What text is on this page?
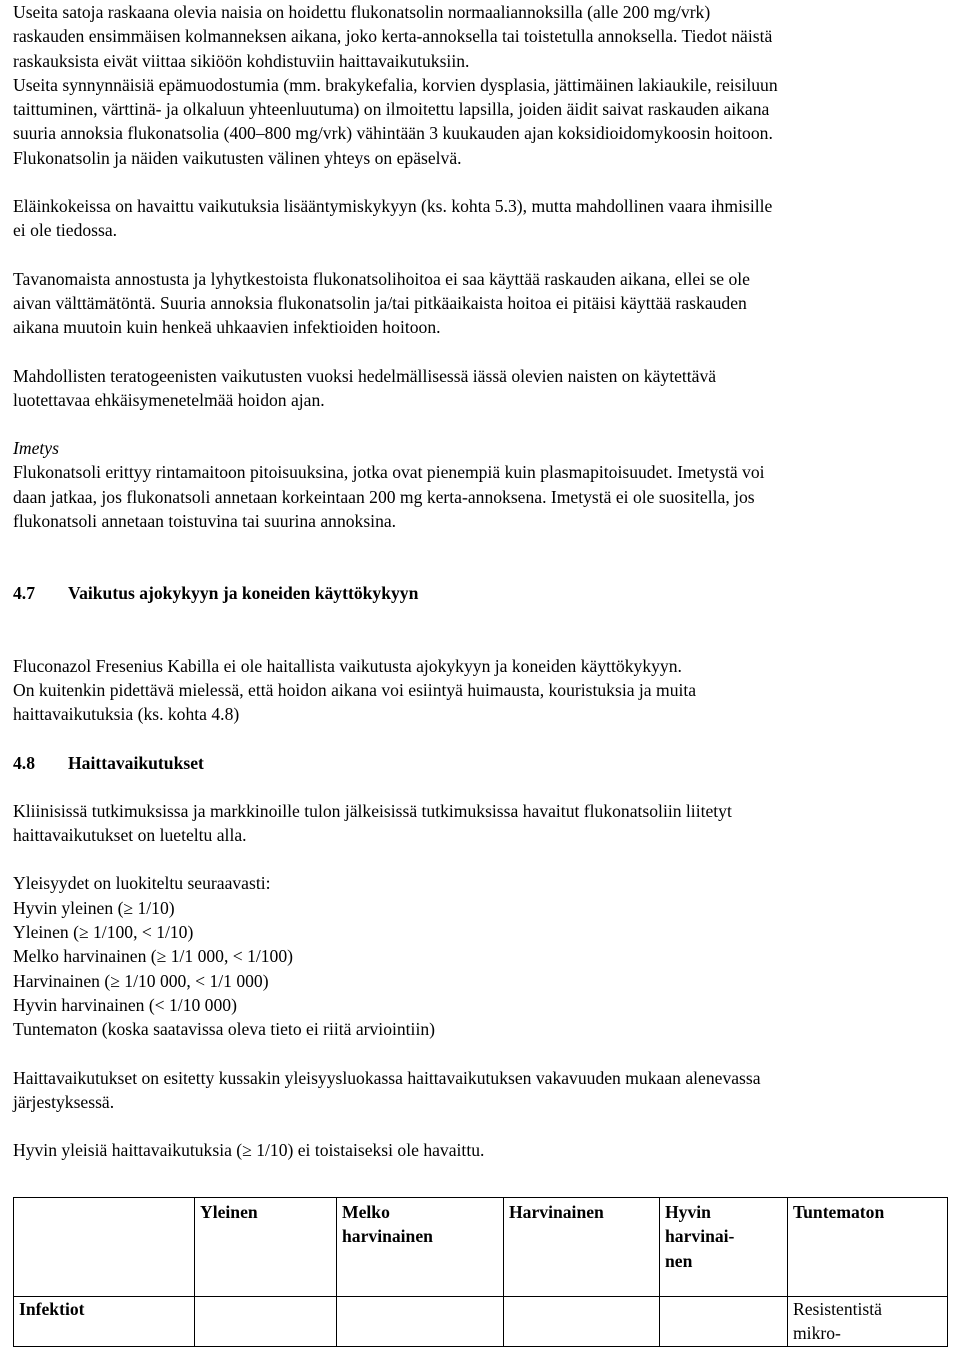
Useita satoja raskaana olevia naisia on hoidettu flukonatsolin normaaliannoksilla (alle 200 mg/vrk)

raskauden ensimmäisen kolmanneksen aikana, joko kerta-annoksella tai toistetulla annoksella. Tiedot näistä

raskauksista eivät viittaa sikiöön kohdistuviin haittavaikutuksiin.

Useita synnynnäisiä epämuodostumia (mm. brakykefalia, korvien dysplasia, jättimäinen lakiaukile, reisiluun

taittuminen, värttinä- ja olkaluun yhteenluutuma) on ilmoitettu lapsilla, joiden äidit saivat raskauden aikana

suuria annoksia flukonatsolia (400–800 mg/vrk) vähintään 3 kuukauden ajan koksidioidomykoosin hoitoon.

Flukonatsolin ja näiden vaikutusten välinen yhteys on epäselvä.

Eläinkokeissa on havaittu vaikutuksia lisääntymiskykyyn (ks. kohta 5.3), mutta mahdollinen vaara ihmisille

ei ole tiedossa.

Tavanomaista annostusta ja lyhytkestoista flukonatsolihoitoa ei saa käyttää raskauden aikana, ellei se ole

aivan välttämätöntä. Suuria annoksia flukonatsolin ja/tai pitkäaikaista hoitoa ei pitäisi käyttää raskauden

aikana muutoin kuin henkeä uhkaavien infektioiden hoitoon.

Mahdollisten teratogeenisten vaikutusten vuoksi hedelmällisessä iässä olevien naisten on käytettävä

luotettavaa ehkäisymenetelmää hoidon ajan.

Imetys

Flukonatsoli erittyy rintamaitoon pitoisuuksina, jotka ovat pienempiä kuin plasmapitoisuudet. Imetystä voi

daan jatkaa, jos flukonatsoli annetaan korkeintaan 200 mg kerta-annoksena. Imetystä ei ole suositella, jos

flukonatsoli annetaan toistuvina tai suurina annoksina.

4.7 Vaikutus ajokykyyn ja koneiden käyttökykyyn

Fluconazol Fresenius Kabilla ei ole haitallista vaikutusta ajokykyyn ja koneiden käyttökykyyn.

On kuitenkin pidettävä mielessä, että hoidon aikana voi esiintyä huimausta, kouristuksia ja muita

haittavaikutuksia (ks. kohta 4.8)

4.8 Haittavaikutukset

Kliinisissä tutkimuksissa ja markkinoille tulon jälkeisissä tutkimuksissa havaitut flukonatsoliin liitetyt

haittavaikutukset on lueteltu alla.

Yleisyydet on luokiteltu seuraavasti:

Hyvin yleinen (≥ 1/10)

Yleinen (≥ 1/100, < 1/10)

Melko harvinainen (≥ 1/1 000, < 1/100)

Harvinainen (≥ 1/10 000, < 1/1 000)

Hyvin harvinainen (< 1/10 000)

Tuntematon (koska saatavissa oleva tieto ei riitä arviointiin)

Haittavaikutukset on esitetty kussakin yleisyysluokassa haittavaikutuksen vakavuuden mukaan alenevassa

järjestyksessä.

Hyvin yleisiä haittavaikutuksia (≥ 1/10) ei toistaiseksi ole havaittu.

	Yleinen	Melko
harvinainen	Harvinainen	Hyvin
harvinai-
nen	Tuntematon
Infektiot					Resistentistä
mikro-
